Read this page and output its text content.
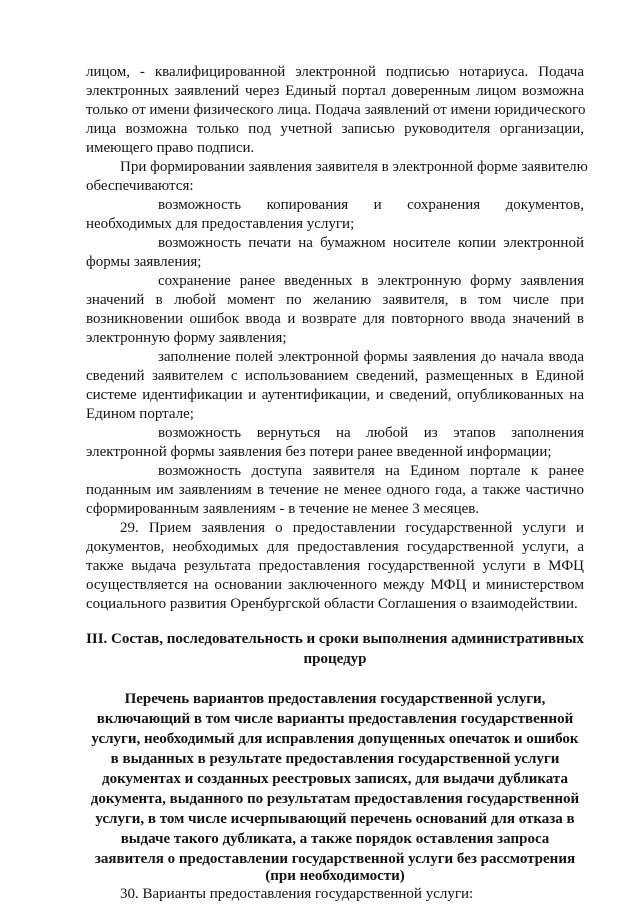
лицом, - квалифицированной электронной подписью нотариуса. Подача
электронных заявлений через Единый портал доверенным лицом возможна
только от имени физического лица. Подача заявлений от имени юридического
лица возможна только под учетной записью руководителя организации,
имеющего право подписи.
При формировании заявления заявителя в электронной форме заявителю
обеспечиваются:
возможность копирования и сохранения документов,
необходимых для предоставления услуги;
возможность печати на бумажном носителе копии электронной
формы заявления;
сохранение ранее введенных в электронную форму заявления
значений в любой момент по желанию заявителя, в том числе при
возникновении ошибок ввода и возврате для повторного ввода значений в
электронную форму заявления;
заполнение полей электронной формы заявления до начала ввода
сведений заявителем с использованием сведений, размещенных в Единой
системе идентификации и аутентификации, и сведений, опубликованных на
Едином портале;
возможность вернуться на любой из этапов заполнения
электронной формы заявления без потери ранее введенной информации;
возможность доступа заявителя на Едином портале к ранее
поданным им заявлениям в течение не менее одного года, а также частично
сформированным заявлениям - в течение не менее 3 месяцев.
29. Прием заявления о предоставлении государственной услуги и
документов, необходимых для предоставления государственной услуги, а
также выдача результата предоставления государственной услуги в МФЦ
осуществляется на основании заключенного между МФЦ и министерством
социального развития Оренбургской области Соглашения о взаимодействии.
III. Состав, последовательность и сроки выполнения административных
процедур
Перечень вариантов предоставления государственной услуги,
включающий в том числе варианты предоставления государственной
услуги, необходимый для исправления допущенных опечаток и ошибок
в выданных в результате предоставления государственной услуги
документах и созданных реестровых записях, для выдачи дубликата
документа, выданного по результатам предоставления государственной
услуги, в том числе исчерпывающий перечень оснований для отказа в
выдаче такого дубликата, а также порядок оставления запроса
заявителя о предоставлении государственной услуги без рассмотрения
(при необходимости)
30. Варианты предоставления государственной услуги:
